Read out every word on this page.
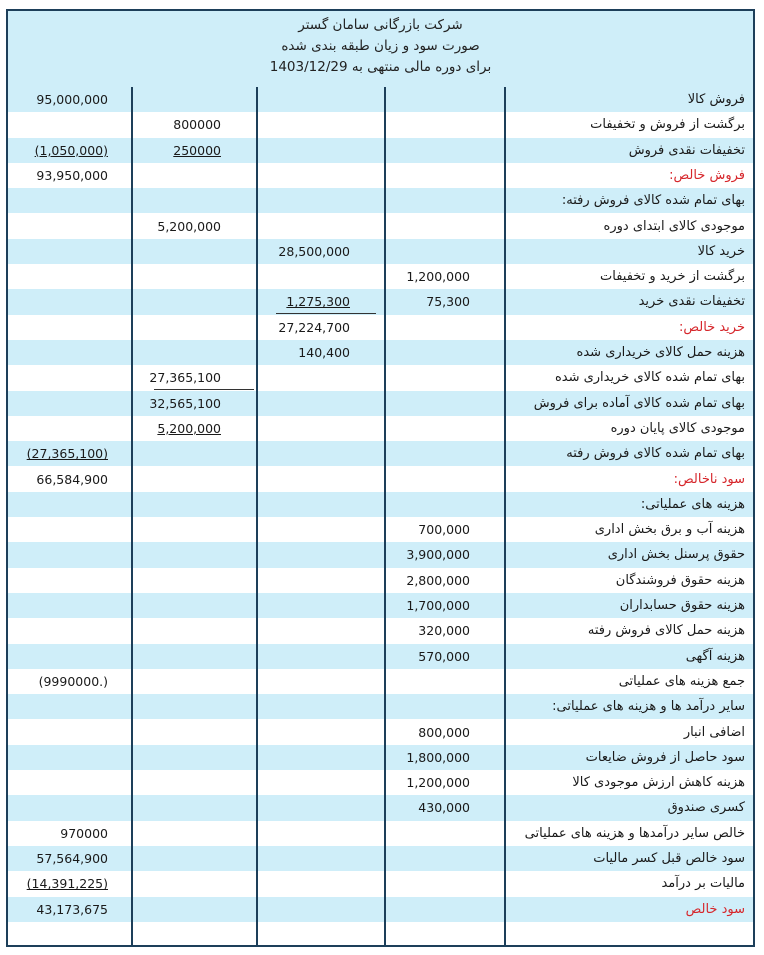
شرکت بازرگانی سامان گستر
صورت سود و زیان طبقه بندی شده
برای دوره مالی منتهی به 1403/12/29
فروش کالا
95,000,000
برگشت از فروش و تخفیفات
800000
تخفیفات نقدی فروش
(1,050,000)	250000
فروش خالص:
93,950,000
بهای تمام شده کالای فروش رفته:
موجودی کالای ابتدای دوره
5,200,000
خرید کالا
28,500,000
برگشت از خرید و تخفیفات
1,200,000
تخفیفات نقدی خرید
1,275,300	75,300
خرید خالص:
27,224,700
هزینه حمل کالای خریداری شده
140,400
بهای تمام شده کالای خریداری شده
27,365,100
بهای تمام شده کالای آماده برای فروش
32,565,100
موجودی کالای پایان دوره
5,200,000
بهای تمام شده کالای فروش رفته
(27,365,100)
سود ناخالص:
66,584,900
هزینه های عملیاتی:
هزینه آب و برق بخش اداری
700,000
حقوق پرسنل بخش اداری
3,900,000
هزینه حقوق فروشندگان
2,800,000
هزینه حقوق حسابداران
1,700,000
هزینه حمل کالای فروش رفته
320,000
هزینه آگهی
570,000
جمع هزینه های عملیاتی
(9990000.)
سایر درآمد ها و هزینه های عملیاتی:
اضافی انبار
800,000
سود حاصل از فروش ضایعات
1,800,000
هزینه کاهش ارزش موجودی کالا
1,200,000
کسری صندوق
430,000
خالص سایر درآمدها و هزینه های عملیاتی
970000
سود خالص قبل کسر مالیات
57,564,900
مالیات بر درآمد
(14,391,225)
سود خالص
43,173,675
